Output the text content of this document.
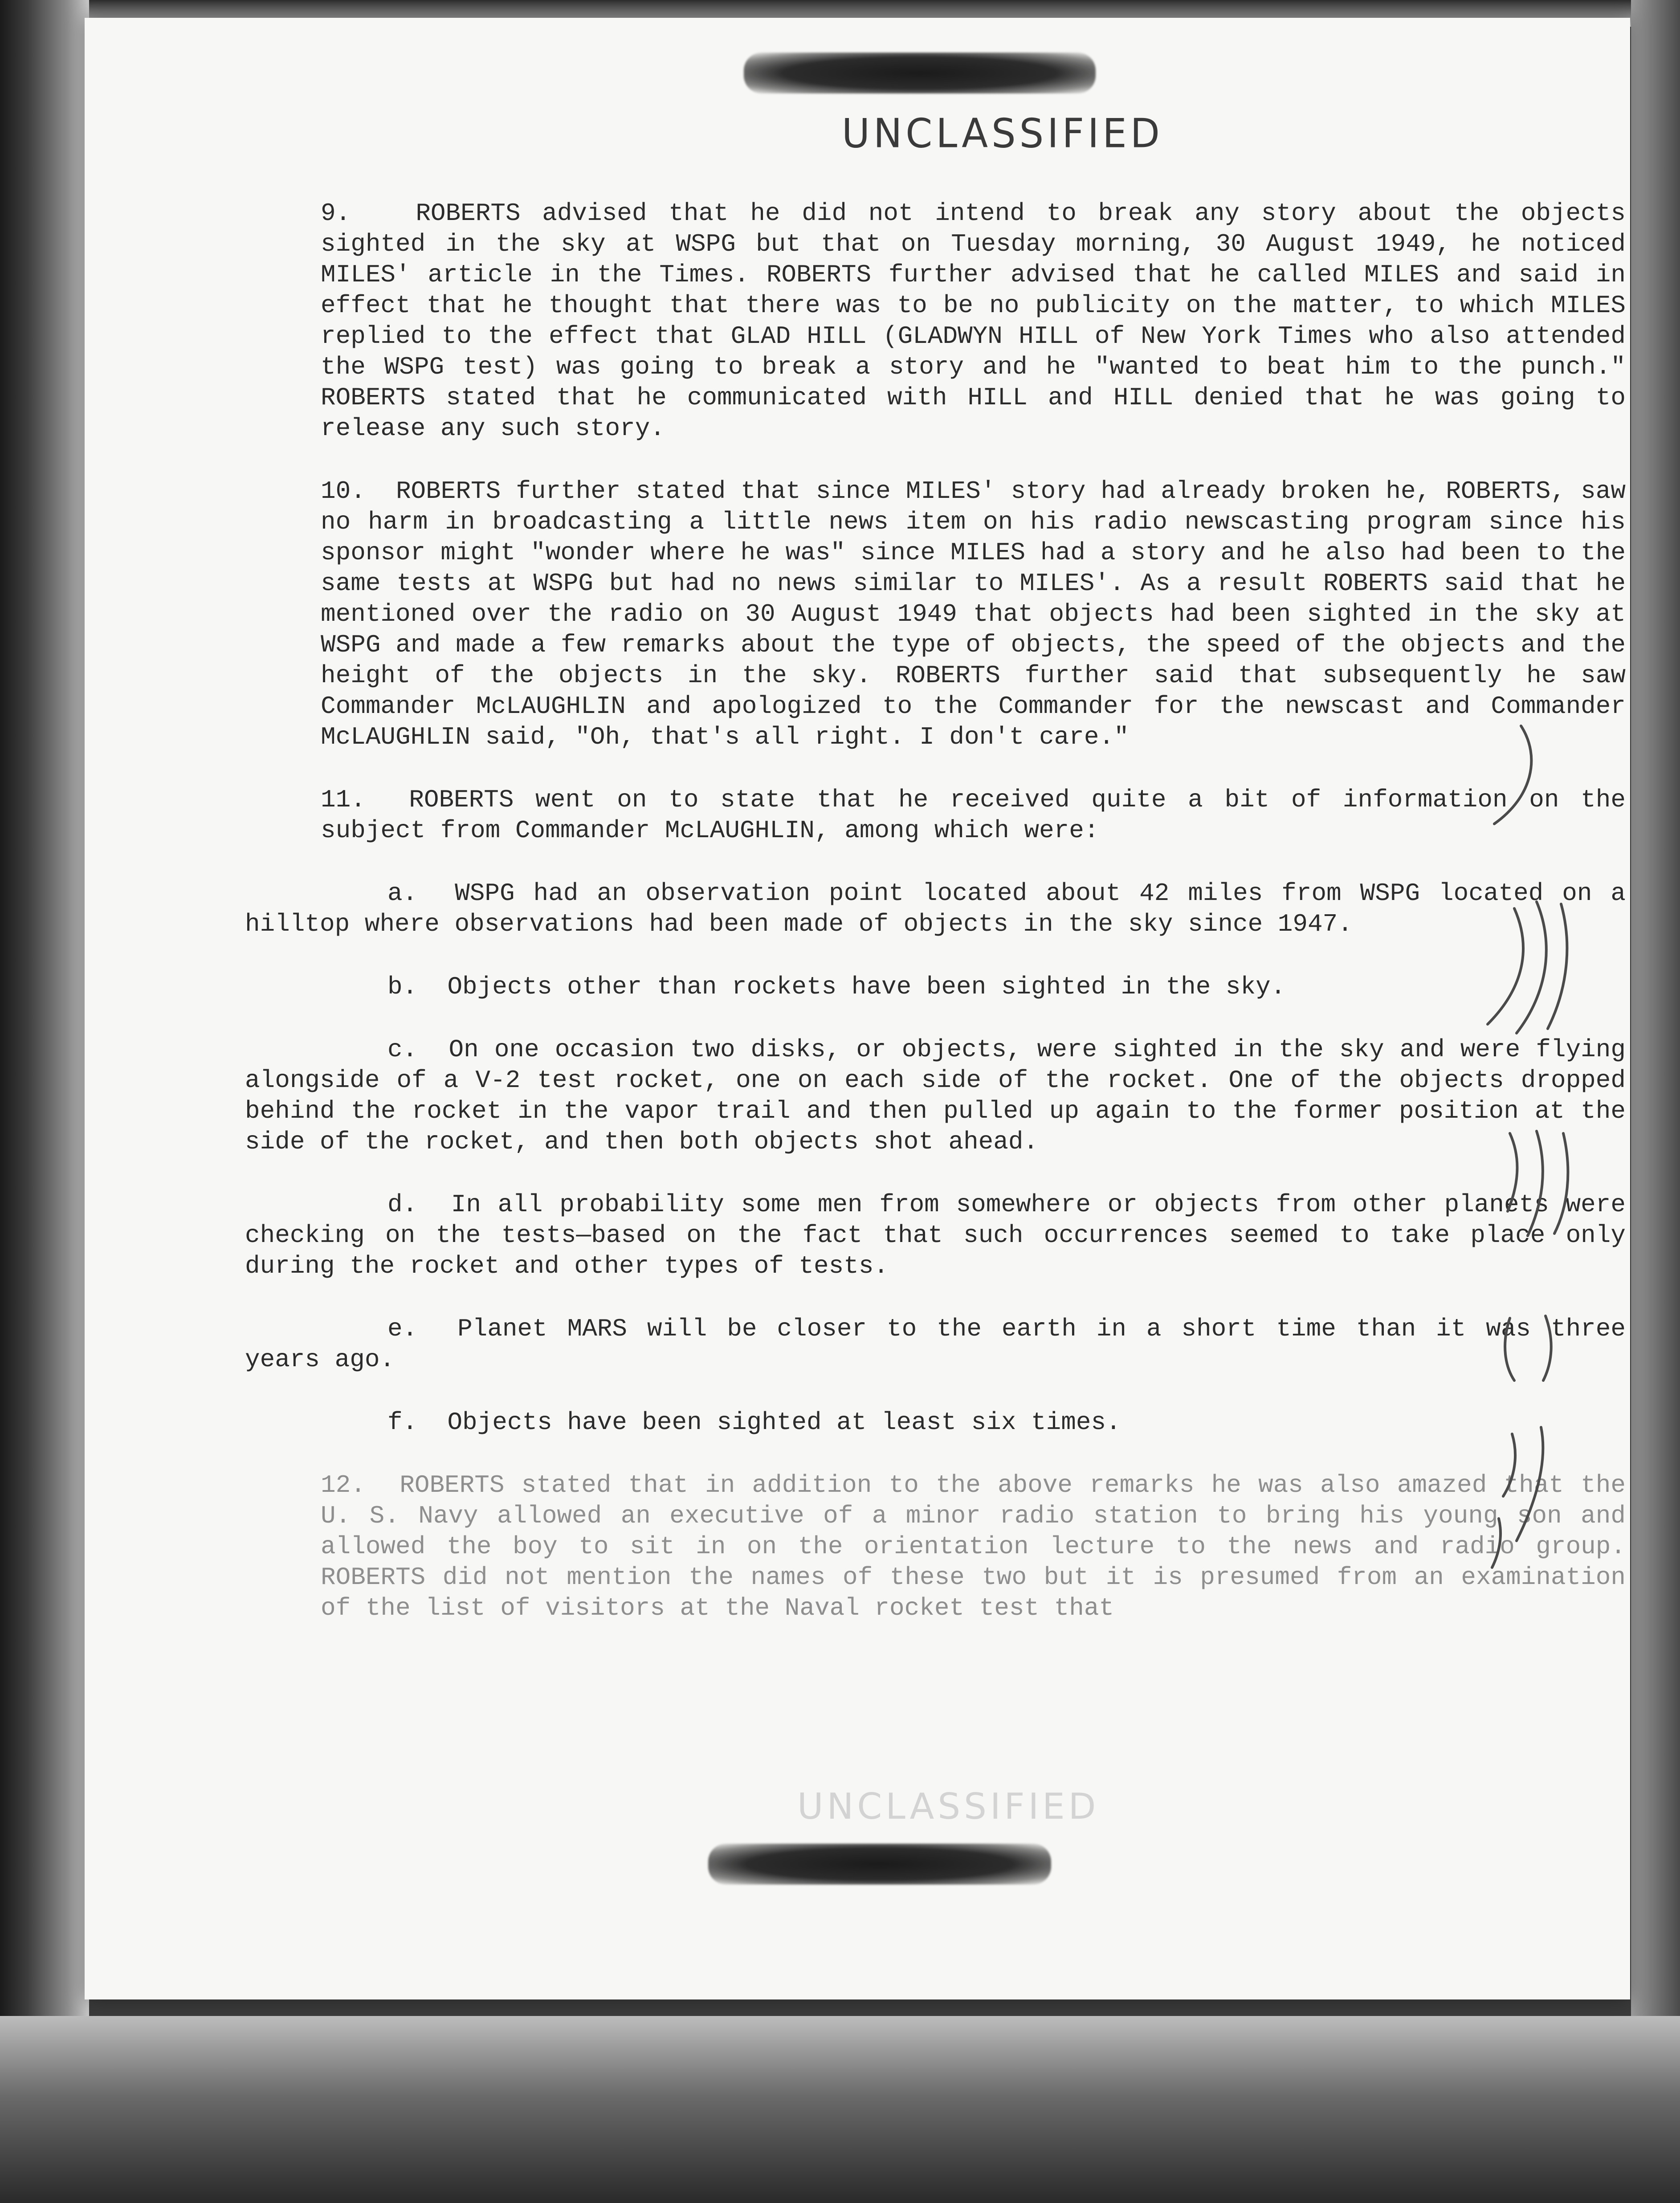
UNCLASSIFIED

9.	ROBERTS advised that he did not intend to break any story about the objects sighted in the sky at WSPG but that on Tuesday morning, 30 August 1949, he noticed MILES' article in the Times. ROBERTS further advised that he called MILES and said in effect that he thought that there was to be no publicity on the matter, to which MILES replied to the effect that GLAD HILL (GLADWYN HILL of New York Times who also attended the WSPG test) was going to break a story and he "wanted to beat him to the punch." ROBERTS stated that he communicated with HILL and HILL denied that he was going to release any such story.

10. ROBERTS further stated that since MILES' story had already broken he, ROBERTS, saw no harm in broadcasting a little news item on his radio newscasting program since his sponsor might "wonder where he was" since MILES had a story and he also had been to the same tests at WSPG but had no news similar to MILES'. As a result ROBERTS said that he mentioned over the radio on 30 August 1949 that objects had been sighted in the sky at WSPG and made a few remarks about the type of objects, the speed of the objects and the height of the objects in the sky. ROBERTS further said that subsequently he saw Commander McLAUGHLIN and apologized to the Commander for the newscast and Commander McLAUGHLIN said, "Oh, that's all right. I don't care."

11. ROBERTS went on to state that he received quite a bit of information on the subject from Commander McLAUGHLIN, among which were:

a. WSPG had an observation point located about 42 miles from WSPG located on a hilltop where observations had been made of objects in the sky since 1947.

b. Objects other than rockets have been sighted in the sky.

c. On one occasion two disks, or objects, were sighted in the sky and were flying alongside of a V-2 test rocket, one on each side of the rocket. One of the objects dropped behind the rocket in the vapor trail and then pulled up again to the former position at the side of the rocket, and then both objects shot ahead.

d. In all probability some men from somewhere or objects from other planets were checking on the tests—based on the fact that such occurrences seemed to take place only during the rocket and other types of tests.

e. Planet MARS will be closer to the earth in a short time than it was three years ago.

f. Objects have been sighted at least six times.

12. ROBERTS stated that in addition to the above remarks he was also amazed that the U. S. Navy allowed an executive of a minor radio station to bring his young son and allowed the boy to sit in on the orientation lecture to the news and radio group. ROBERTS did not mention the names of these two but it is presumed from an examination of the list of visitors at the Naval rocket test that

UNCLASSIFIED
